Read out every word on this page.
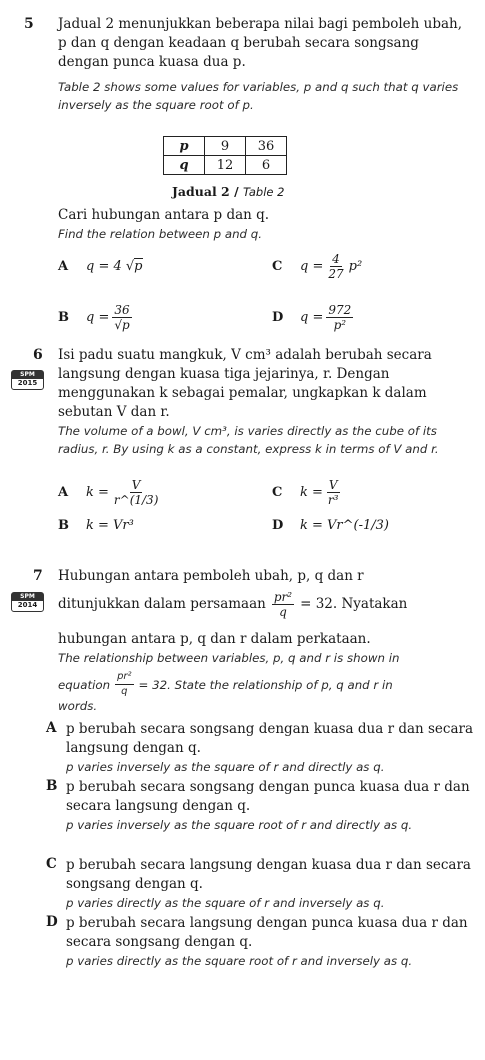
5 Jadual 2 menunjukkan beberapa nilai bagi pemboleh ubah, p dan q dengan keadaan q berubah secara songsang dengan punca kuasa dua p.
Table 2 shows some values for variables, p and q such that q varies inversely as the square root of p.
p	9	36
q	12	6
Jadual 2 / Table 2
Cari hubungan antara p dan q.
Find the relation between p and q.
A	q = 4 √ p	C	$q = \frac{4}{27} p^2$
B	$q = \frac{36}{√p}$	D	$q = \frac{972}{\text{p²}}$
6
SPM
2015
Isi padu suatu mangkuk, V cm³ adalah berubah secara langsung dengan kuasa tiga jejarinya, r. Dengan menggunakan k sebagai pemalar, ungkapkan k dalam sebutan V dan r.
The volume of a bowl, V cm³, is varies directly as the cube of its radius, r. By using k as a constant, express k in terms of V and r.
A	$k = \frac{V}{r\^{}(1/3)}$	C	$k = \frac{V}{\text{r³}}$
B	k = Vr³	D	k = Vr^(-1/3)
7
SPM
2014
Hubungan antara pemboleh ubah, p, q dan r
ditunjukkan dalam persamaan $\frac{\text{pr²}}{q} = 32$. Nyatakan
hubungan antara p, q dan r dalam perkataan.
The relationship between variables, p, q and r is shown in
equation $\frac{\text{pr²}}{q} = 32$. State the relationship of p, q and r in
words.
A p berubah secara songsang dengan kuasa dua r dan secara langsung dengan q.
p varies inversely as the square of r and directly as q.
B p berubah secara songsang dengan punca kuasa dua r dan secara langsung dengan q.
p varies inversely as the square root of r and directly as q.
C p berubah secara langsung dengan kuasa dua r dan secara songsang dengan q.
p varies directly as the square of r and inversely as q.
D p berubah secara langsung dengan punca kuasa dua r dan secara songsang dengan q.
p varies directly as the square root of r and inversely as q.
